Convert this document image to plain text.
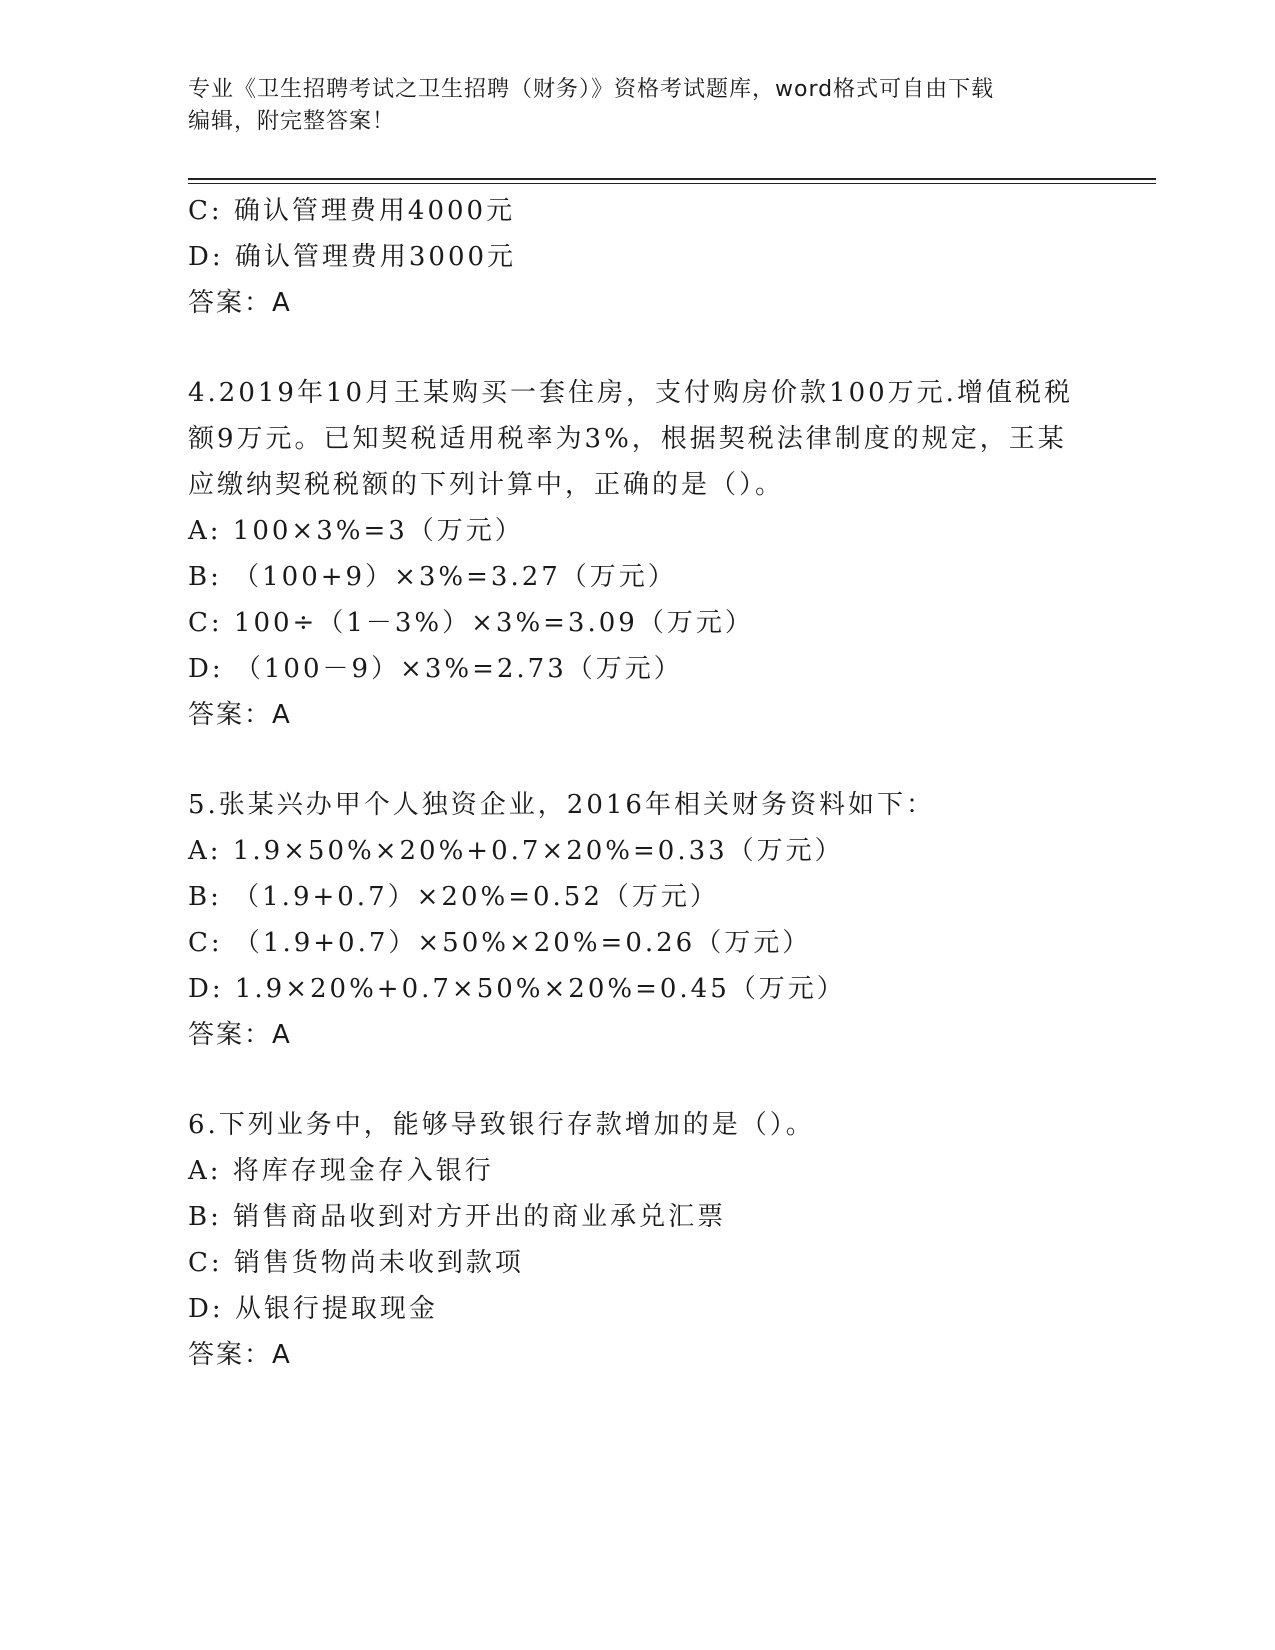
专业《卫生招聘考试之卫生招聘（财务）》资格考试题库，word格式可自由下载
编辑，附完整答案！
C: 确认管理费用4000元
D: 确认管理费用3000元
答案：A
4.2019年10月王某购买一套住房，支付购房价款100万元.增值税税
额9万元。已知契税适用税率为3%，根据契税法律制度的规定，王某
应缴纳契税税额的下列计算中，正确的是（）。
A: 100×3%=3（万元）
B: （100+9）×3%=3.27（万元）
C: 100÷（1－3%）×3%=3.09（万元）
D: （100－9）×3%=2.73（万元）
答案：A
5.张某兴办甲个人独资企业，2016年相关财务资料如下：
A: 1.9×50%×20%+0.7×20%=0.33（万元）
B: （1.9+0.7）×20%=0.52（万元）
C: （1.9+0.7）×50%×20%=0.26（万元）
D: 1.9×20%+0.7×50%×20%=0.45（万元）
答案：A
6.下列业务中，能够导致银行存款增加的是（）。
A: 将库存现金存入银行
B: 销售商品收到对方开出的商业承兑汇票
C: 销售货物尚未收到款项
D: 从银行提取现金
答案：A
